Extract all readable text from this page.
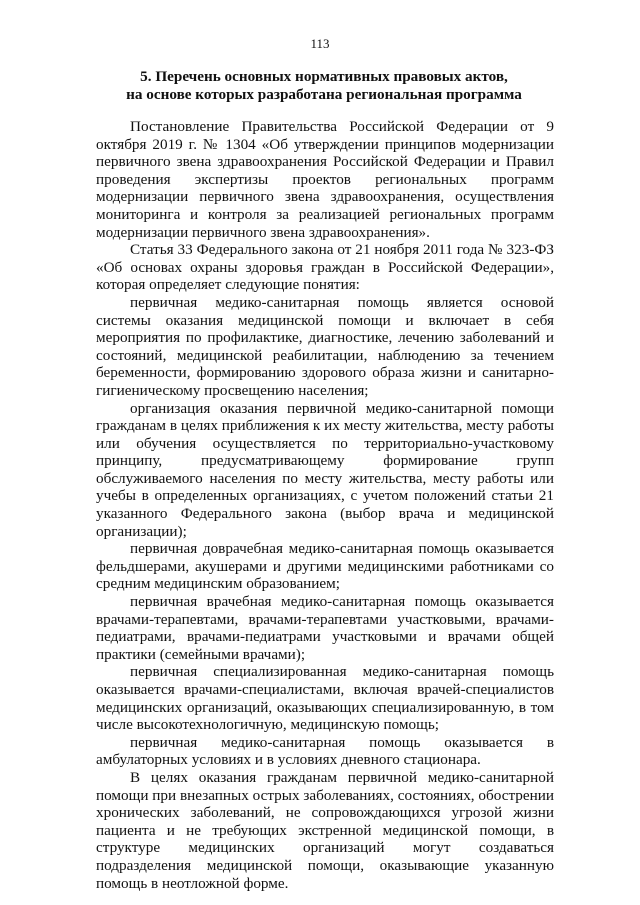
113
5. Перечень основных нормативных правовых актов,
на основе которых разработана региональная программа

Постановление Правительства Российской Федерации от 9 октября 2019 г. № 1304 «Об утверждении принципов модернизации первичного звена здравоохранения Российской Федерации и Правил проведения экспертизы проектов региональных программ модернизации первичного звена здравоохранения, осуществления мониторинга и контроля за реализацией региональных программ модернизации первичного звена здравоохранения».

Статья 33 Федерального закона от 21 ноября 2011 года № 323-ФЗ «Об основах охраны здоровья граждан в Российской Федерации», которая определяет следующие понятия:

первичная медико-санитарная помощь является основой системы оказания медицинской помощи и включает в себя мероприятия по профилактике, диагностике, лечению заболеваний и состояний, медицинской реабилитации, наблюдению за течением беременности, формированию здорового образа жизни и санитарно-гигиеническому просвещению населения;

организация оказания первичной медико-санитарной помощи гражданам в целях приближения к их месту жительства, месту работы или обучения осуществляется по территориально-участковому принципу, предусматривающему формирование групп обслуживаемого населения по месту жительства, месту работы или учебы в определенных организациях, с учетом положений статьи 21 указанного Федерального закона (выбор врача и медицинской организации);

первичная доврачебная медико-санитарная помощь оказывается фельдшерами, акушерами и другими медицинскими работниками со средним медицинским образованием;

первичная врачебная медико-санитарная помощь оказывается врачами-терапевтами, врачами-терапевтами участковыми, врачами-педиатрами, врачами-педиатрами участковыми и врачами общей практики (семейными врачами);

первичная специализированная медико-санитарная помощь оказывается врачами-специалистами, включая врачей-специалистов медицинских организаций, оказывающих специализированную, в том числе высокотехнологичную, медицинскую помощь;

первичная медико-санитарная помощь оказывается в амбулаторных условиях и в условиях дневного стационара.

В целях оказания гражданам первичной медико-санитарной помощи при внезапных острых заболеваниях, состояниях, обострении хронических заболеваний, не сопровождающихся угрозой жизни пациента и не требующих экстренной медицинской помощи, в структуре медицинских организаций могут создаваться подразделения медицинской помощи, оказывающие указанную помощь в неотложной форме.
